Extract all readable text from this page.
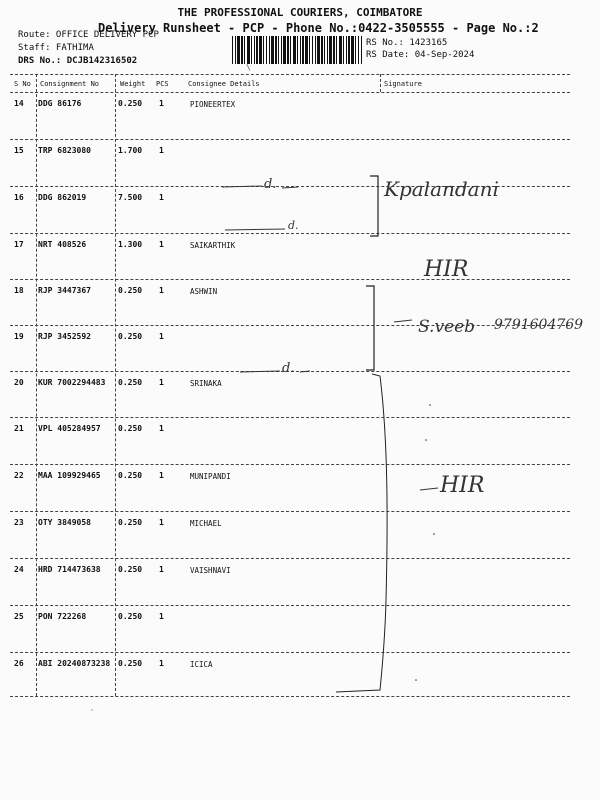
THE PROFESSIONAL COURIERS, COIMBATORE
Delivery Runsheet - PCP - Phone No.:0422-3505555 - Page No.:2
Route: OFFICE DELIVERY PCP
Staff: FATHIMA
DRS No.: DCJB142316502
RS No.: 1423165
RS Date: 04-Sep-2024
\
S No Consignment No	Weight PCS	Consignee Details	Signature
14 DDG 86176	0.250 1	PIONEERTEX
15 TRP 6823080	1.700 1
16 DDG 862019	7.500 1
17 NRT 408526	1.300 1	SAIKARTHIK
18 RJP 3447367	0.250 1	ASHWIN
19 RJP 3452592	0.250 1
20 KUR 7002294483 0.250 1	SRINAKA
21 VPL 405284957 0.250 1
22 MAA 109929465 0.250 1	MUNIPANDI
23 OTY 3849058	0.250 1	MICHAEL
24 HRD 714473638 0.250 1	VAISHNAVI
25 PON 722268	0.250 1
26 ABI 20240873238 0.250 1	ICICA
d.
d.
d.
Kpalandani
HIR
S.veeb 9791604769
HIR
